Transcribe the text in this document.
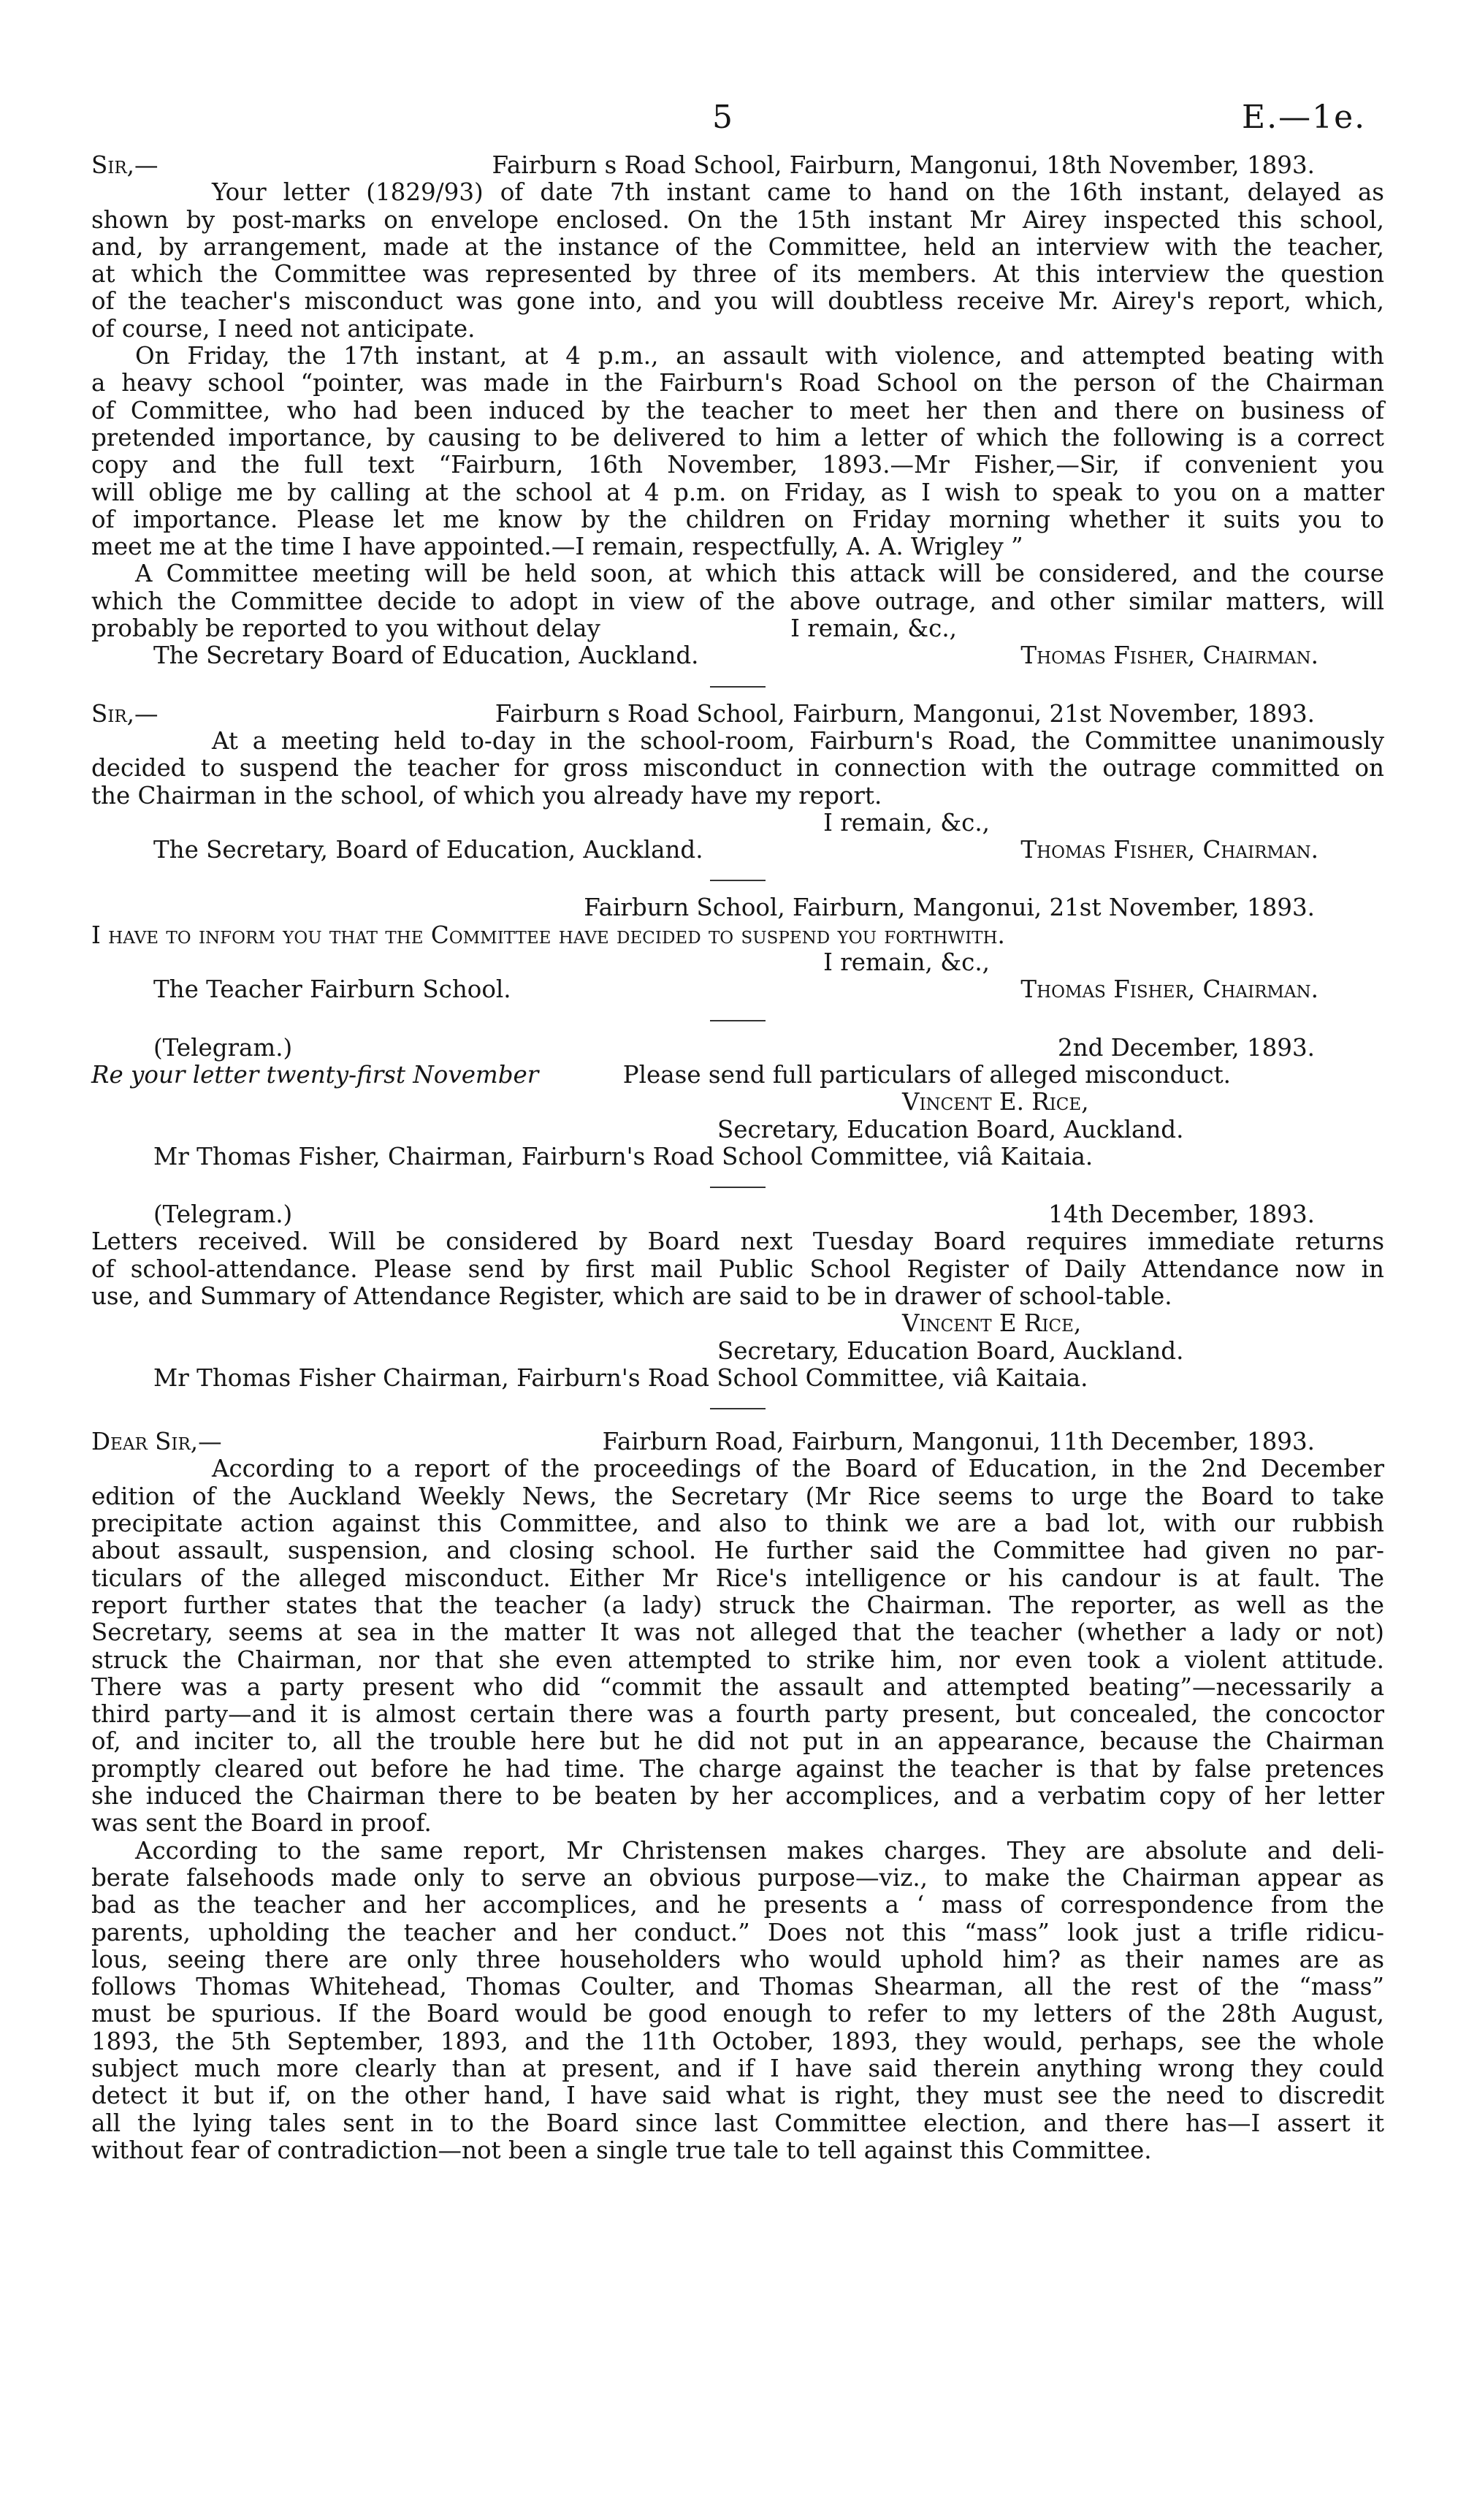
5	E.—1e.
Sir,—	Fairburn s Road School, Fairburn, Mangonui, 18th November, 1893.

Your letter (1829/93) of date 7th instant came to hand on the 16th instant, delayed as

shown by post-marks on envelope enclosed. On the 15th instant Mr Airey inspected this school,

and, by arrangement, made at the instance of the Committee, held an interview with the teacher,

at which the Committee was represented by three of its members. At this interview the question

of the teacher's misconduct was gone into, and you will doubtless receive Mr. Airey's report, which,

of course, I need not anticipate.

On Friday, the 17th instant, at 4 p.m., an assault with violence, and attempted beating with

a heavy school “pointer, was made in the Fairburn's Road School on the person of the Chairman

of Committee, who had been induced by the teacher to meet her then and there on business of

pretended importance, by causing to be delivered to him a letter of which the following is a correct

copy and the full text “Fairburn, 16th November, 1893.—Mr Fisher,—Sir, if convenient you

will oblige me by calling at the school at 4 p.m. on Friday, as I wish to speak to you on a matter

of importance. Please let me know by the children on Friday morning whether it suits you to

meet me at the time I have appointed.—I remain, respectfully, A. A. Wrigley ”

A Committee meeting will be held soon, at which this attack will be considered, and the course

which the Committee decide to adopt in view of the above outrage, and other similar matters, will

probably be reported to you without delay	I remain, &c.,
The Secretary Board of Education, Auckland.	Thomas Fisher, Chairman.
Sir,—	Fairburn s Road School, Fairburn, Mangonui, 21st November, 1893.

At a meeting held to-day in the school-room, Fairburn's Road, the Committee unanimously

decided to suspend the teacher for gross misconduct in connection with the outrage committed on

the Chairman in the school, of which you already have my report.

I remain, &c.,
The Secretary, Board of Education, Auckland.	Thomas Fisher, Chairman.
Fairburn School, Fairburn, Mangonui, 21st November, 1893.

I have to inform you that the Committee have decided to suspend you forthwith.

I remain, &c.,
The Teacher Fairburn School.	Thomas Fisher, Chairman.
(Telegram.)	2nd December, 1893.
Re your letter twenty-first November	Please send full particulars of alleged misconduct.
Vincent E. Rice,
Secretary, Education Board, Auckland.
Mr Thomas Fisher, Chairman, Fairburn's Road School Committee, viâ Kaitaia.
(Telegram.)	14th December, 1893.

Letters received. Will be considered by Board next Tuesday Board requires immediate returns

of school-attendance. Please send by first mail Public School Register of Daily Attendance now in

use, and Summary of Attendance Register, which are said to be in drawer of school-table.

Vincent E Rice,
Secretary, Education Board, Auckland.
Mr Thomas Fisher Chairman, Fairburn's Road School Committee, viâ Kaitaia.
Dear Sir,—	Fairburn Road, Fairburn, Mangonui, 11th December, 1893.

According to a report of the proceedings of the Board of Education, in the 2nd December

edition of the Auckland Weekly News, the Secretary (Mr Rice seems to urge the Board to take

precipitate action against this Committee, and also to think we are a bad lot, with our rubbish

about assault, suspension, and closing school. He further said the Committee had given no par-

ticulars of the alleged misconduct. Either Mr Rice's intelligence or his candour is at fault. The

report further states that the teacher (a lady) struck the Chairman. The reporter, as well as the

Secretary, seems at sea in the matter It was not alleged that the teacher (whether a lady or not)

struck the Chairman, nor that she even attempted to strike him, nor even took a violent attitude.

There was a party present who did “commit the assault and attempted beating”—necessarily a

third party—and it is almost certain there was a fourth party present, but concealed, the concoctor

of, and inciter to, all the trouble here but he did not put in an appearance, because the Chairman

promptly cleared out before he had time. The charge against the teacher is that by false pretences

she induced the Chairman there to be beaten by her accomplices, and a verbatim copy of her letter

was sent the Board in proof.

According to the same report, Mr Christensen makes charges. They are absolute and deli-

berate falsehoods made only to serve an obvious purpose—viz., to make the Chairman appear as

bad as the teacher and her accomplices, and he presents a ‘ mass of correspondence from the

parents, upholding the teacher and her conduct.” Does not this “mass” look just a trifle ridicu-

lous, seeing there are only three householders who would uphold him? as their names are as

follows Thomas Whitehead, Thomas Coulter, and Thomas Shearman, all the rest of the “mass”

must be spurious. If the Board would be good enough to refer to my letters of the 28th August,

1893, the 5th September, 1893, and the 11th October, 1893, they would, perhaps, see the whole

subject much more clearly than at present, and if I have said therein anything wrong they could

detect it but if, on the other hand, I have said what is right, they must see the need to discredit

all the lying tales sent in to the Board since last Committee election, and there has—I assert it

without fear of contradiction—not been a single true tale to tell against this Committee.
